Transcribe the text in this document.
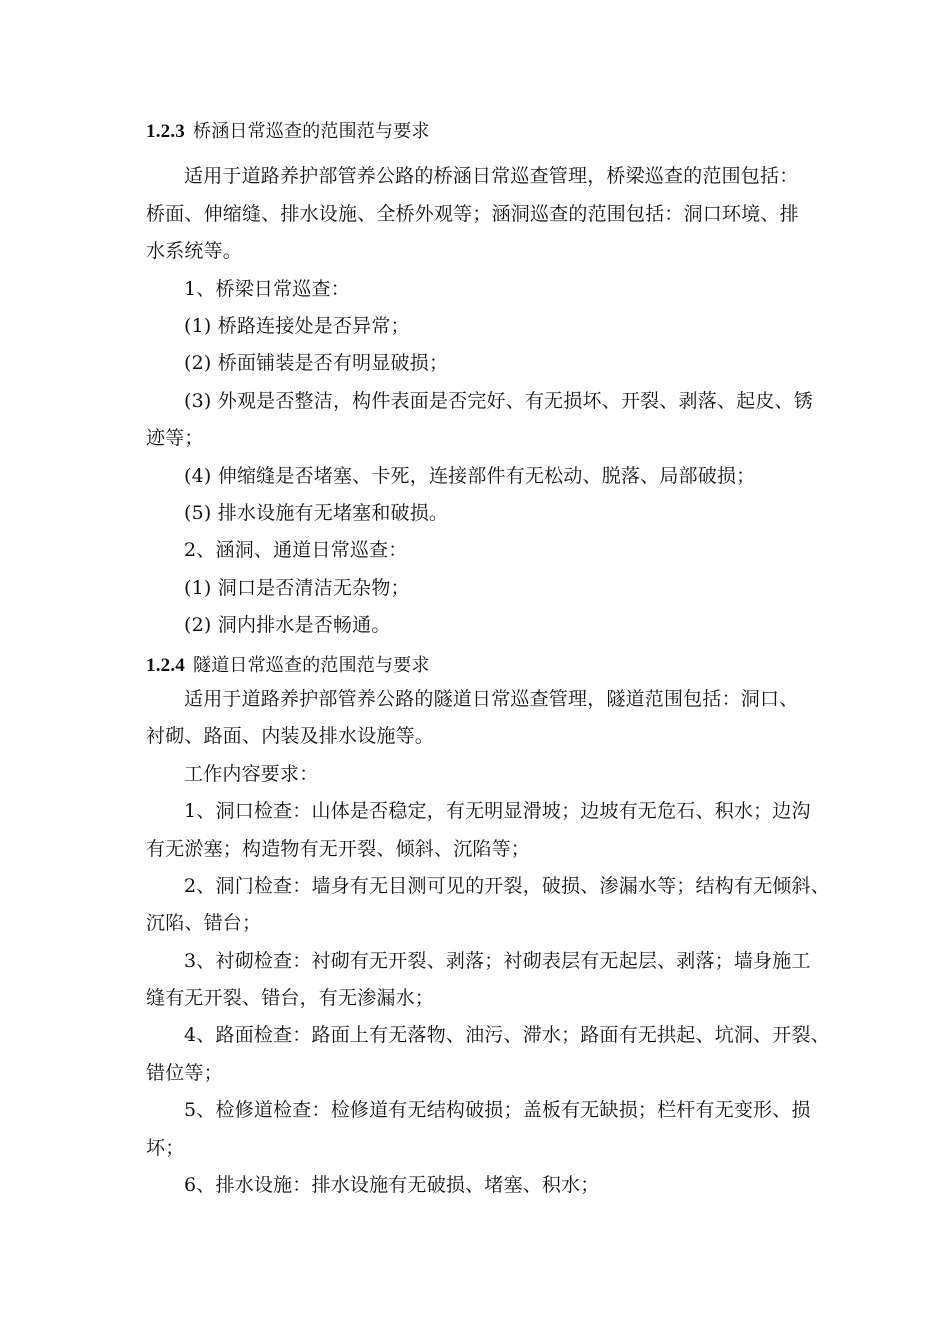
1.2.3 桥涵日常巡查的范围范与要求
适用于道路养护部管养公路的桥涵日常巡查管理，桥梁巡查的范围包括：
桥面、伸缩缝、排水设施、全桥外观等；涵洞巡查的范围包括：洞口环境、排
水系统等。
1、桥梁日常巡查：
(1) 桥路连接处是否异常；
(2) 桥面铺装是否有明显破损；
(3) 外观是否整洁，构件表面是否完好、有无损坏、开裂、剥落、起皮、锈
迹等；
(4) 伸缩缝是否堵塞、卡死，连接部件有无松动、脱落、局部破损；
(5) 排水设施有无堵塞和破损。
2、涵洞、通道日常巡查：
(1) 洞口是否清洁无杂物；
(2) 洞内排水是否畅通。
1.2.4 隧道日常巡查的范围范与要求
适用于道路养护部管养公路的隧道日常巡查管理，隧道范围包括：洞口、
衬砌、路面、内装及排水设施等。
工作内容要求：
1、洞口检查：山体是否稳定，有无明显滑坡；边坡有无危石、积水；边沟
有无淤塞；构造物有无开裂、倾斜、沉陷等；
2、洞门检查：墙身有无目测可见的开裂，破损、渗漏水等；结构有无倾斜、
沉陷、错台；
3、衬砌检查：衬砌有无开裂、剥落；衬砌表层有无起层、剥落；墙身施工
缝有无开裂、错台，有无渗漏水；
4、路面检查：路面上有无落物、油污、滞水；路面有无拱起、坑洞、开裂、
错位等；
5、检修道检查：检修道有无结构破损；盖板有无缺损；栏杆有无变形、损
坏；
6、排水设施：排水设施有无破损、堵塞、积水；
